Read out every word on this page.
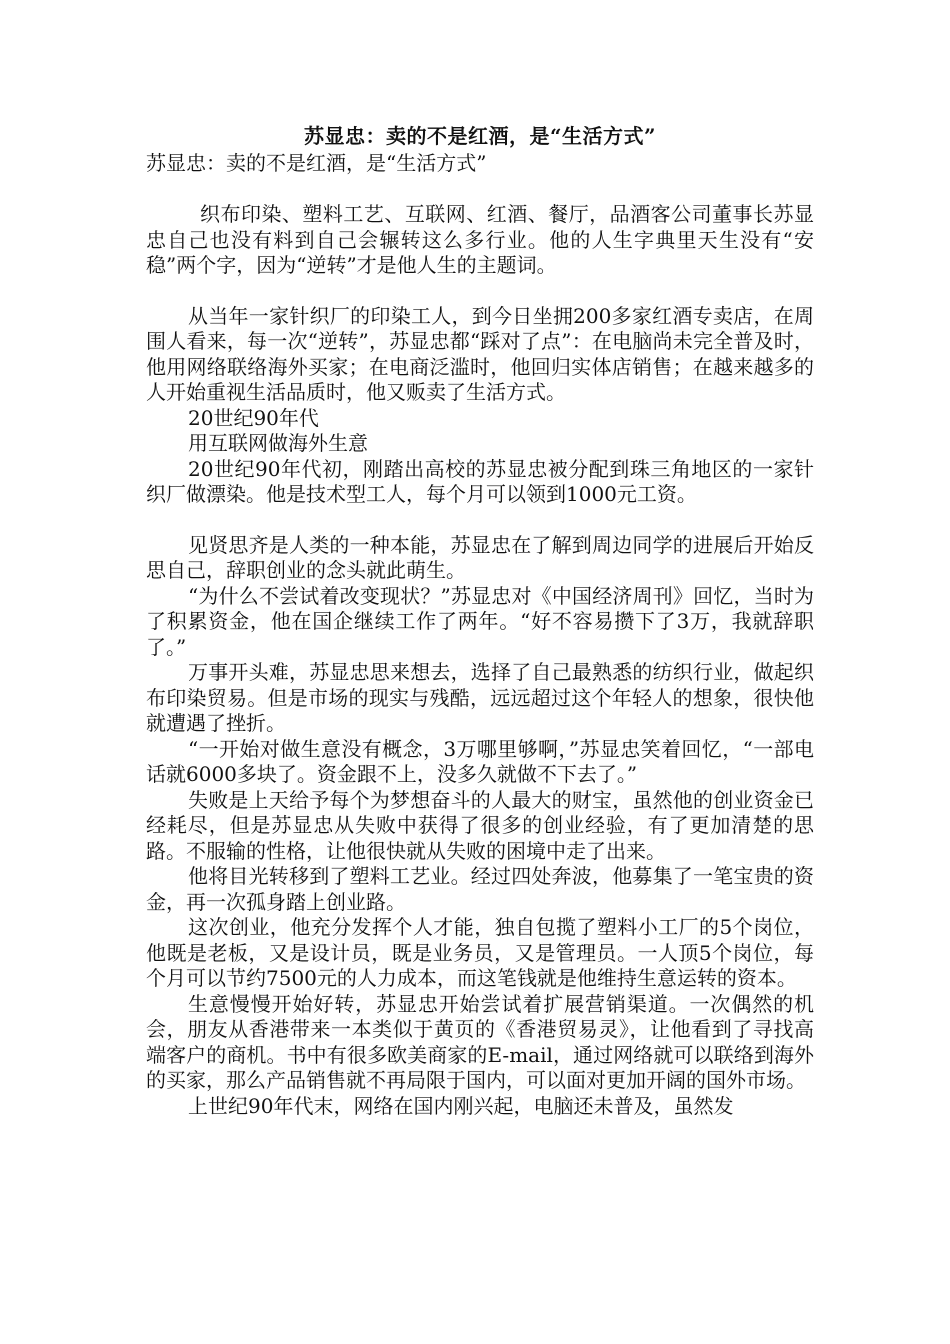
苏显忠：卖的不是红酒，是“生活方式”

苏显忠：卖的不是红酒，是“生活方式”

织布印染、塑料工艺、互联网、红酒、餐厅，品酒客公司董事长苏显忠自己也没有料到自己会辗转这么多行业。他的人生字典里天生没有“安稳”两个字，因为“逆转”才是他人生的主题词。

从当年一家针织厂的印染工人，到今日坐拥200多家红酒专卖店，在周围人看来，每一次“逆转”，苏显忠都“踩对了点”：在电脑尚未完全普及时，他用网络联络海外买家；在电商泛滥时，他回归实体店销售；在越来越多的人开始重视生活品质时，他又贩卖了生活方式。

20世纪90年代

用互联网做海外生意

20世纪90年代初，刚踏出高校的苏显忠被分配到珠三角地区的一家针织厂做漂染。他是技术型工人，每个月可以领到1000元工资。

见贤思齐是人类的一种本能，苏显忠在了解到周边同学的进展后开始反思自己，辞职创业的念头就此萌生。

“为什么不尝试着改变现状？”苏显忠对《中国经济周刊》回忆，当时为了积累资金，他在国企继续工作了两年。“好不容易攒下了3万，我就辞职了。”

万事开头难，苏显忠思来想去，选择了自己最熟悉的纺织行业，做起织布印染贸易。但是市场的现实与残酷，远远超过这个年轻人的想象，很快他就遭遇了挫折。

“一开始对做生意没有概念，3万哪里够啊，”苏显忠笑着回忆，“一部电话就6000多块了。资金跟不上，没多久就做不下去了。”

失败是上天给予每个为梦想奋斗的人最大的财宝，虽然他的创业资金已经耗尽，但是苏显忠从失败中获得了很多的创业经验，有了更加清楚的思路。不服输的性格，让他很快就从失败的困境中走了出来。

他将目光转移到了塑料工艺业。经过四处奔波，他募集了一笔宝贵的资金，再一次孤身踏上创业路。

这次创业，他充分发挥个人才能，独自包揽了塑料小工厂的5个岗位，他既是老板，又是设计员，既是业务员，又是管理员。一人顶5个岗位，每个月可以节约7500元的人力成本，而这笔钱就是他维持生意运转的资本。

生意慢慢开始好转，苏显忠开始尝试着扩展营销渠道。一次偶然的机会，朋友从香港带来一本类似于黄页的《香港贸易灵》，让他看到了寻找高端客户的商机。书中有很多欧美商家的E-mail，通过网络就可以联络到海外的买家，那么产品销售就不再局限于国内，可以面对更加开阔的国外市场。

上世纪90年代末，网络在国内刚兴起，电脑还未普及，虽然发
